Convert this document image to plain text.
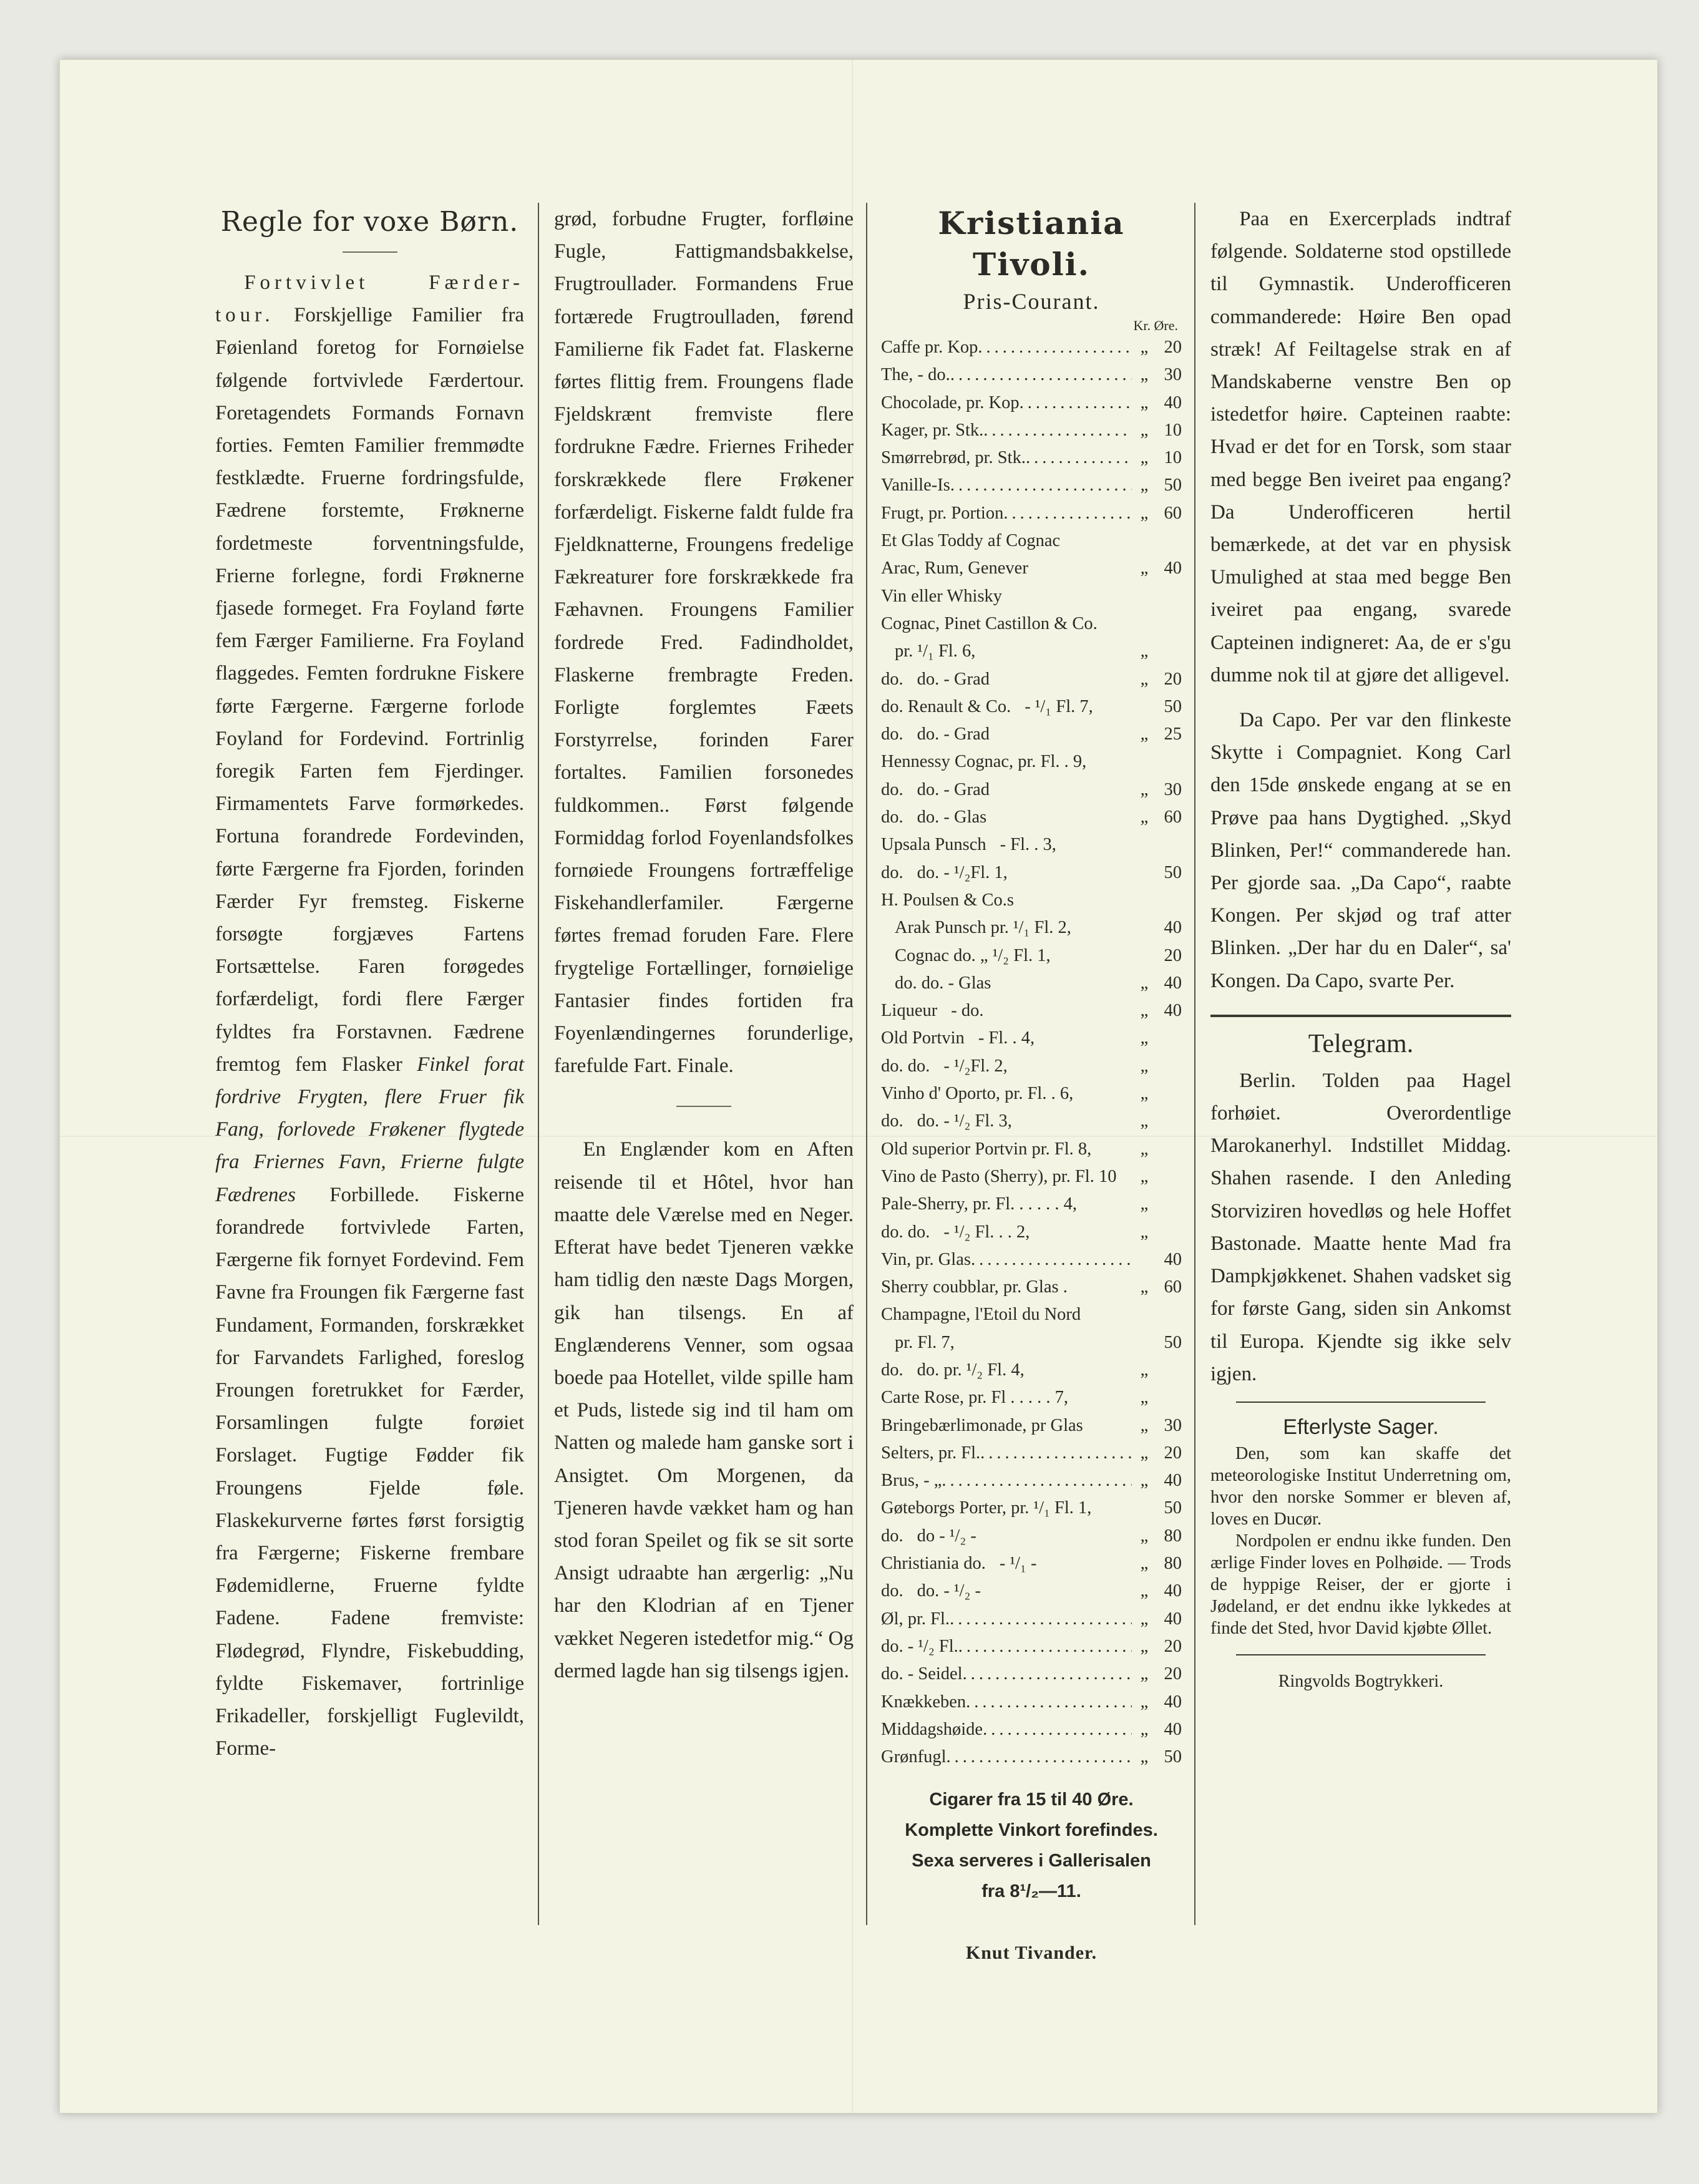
Regle for voxe Børn.

Fortvivlet Færder-tour. Forskjellige Familier fra Føienland foretog for Fornøielse følgende fortvivlede Færdertour. Foretagendets Formands Fornavn forties. Femten Familier fremmødte festklædte. Fruerne fordringsfulde, Fædrene forstemte, Frøknerne fordetmeste forventningsfulde, Frierne forlegne, fordi Frøknerne fjasede formeget. Fra Foyland førte fem Færger Familierne. Fra Foyland flaggedes. Femten fordrukne Fiskere førte Færgerne. Færgerne forlode Foyland for Fordevind. Fortrinlig foregik Farten fem Fjerdinger. Firmamentets Farve formørkedes. Fortuna forandrede Fordevinden, førte Færgerne fra Fjorden, forinden Færder Fyr fremsteg. Fiskerne forsøgte forgjæves Fartens Fortsættelse. Faren forøgedes forfærdeligt, fordi flere Færger fyldtes fra Forstavnen. Fædrene fremtog fem Flasker Finkel forat fordrive Frygten, flere Fruer fik Fang, forlovede Frøkener flygtede fra Friernes Favn, Frierne fulgte Fædrenes Forbillede. Fiskerne forandrede fortvivlede Farten, Færgerne fik fornyet Fordevind. Fem Favne fra Froungen fik Færgerne fast Fundament, Formanden, forskrækket for Farvandets Farlighed, foreslog Froungen foretrukket for Færder, Forsamlingen fulgte forøiet Forslaget. Fugtige Fødder fik Froungens Fjelde føle. Flaskekurverne førtes først forsigtig fra Færgerne; Fiskerne frembare Fødemidlerne, Fruerne fyldte Fadene. Fadene fremviste: Flødegrød, Flyndre, Fiskebudding, fyldte Fiskemaver, fortrinlige Frikadeller, forskjelligt Fuglevildt, Forme-

grød, forbudne Frugter, forfløine Fugle, Fattigmandsbakkelse, Frugtroullader. Formandens Frue fortærede Frugtroulladen, førend Familierne fik Fadet fat. Flaskerne førtes flittig frem. Froungens flade Fjeldskrænt fremviste flere fordrukne Fædre. Friernes Friheder forskrækkede flere Frøkener forfærdeligt. Fiskerne faldt fulde fra Fjeldknatterne, Froungens fredelige Fækreaturer fore forskrækkede fra Fæhavnen. Froungens Familier fordrede Fred. Fadindholdet, Flaskerne frembragte Freden. Forligte forglemtes Fæets Forstyrrelse, forinden Farer fortaltes. Familien forsonedes fuldkommen.. Først følgende Formiddag forlod Foyenlandsfolkes fornøiede Froungens fortræffelige Fiskehandlerfamiler. Færgerne førtes fremad foruden Fare. Flere frygtelige Fortællinger, fornøielige Fantasier findes fortiden fra Foyenlændingernes forunderlige, farefulde Fart. Finale.

En Englænder kom en Aften reisende til et Hôtel, hvor han maatte dele Værelse med en Neger. Efterat have bedet Tjeneren vække ham tidlig den næste Dags Morgen, gik han tilsengs. En af Englænderens Venner, som ogsaa boede paa Hotellet, vilde spille ham et Puds, listede sig ind til ham om Natten og malede ham ganske sort i Ansigtet. Om Morgenen, da Tjeneren havde vækket ham og han stod foran Speilet og fik se sit sorte Ansigt udraabte han ærgerlig: „Nu har den Klodrian af en Tjener vækket Negeren istedetfor mig.“ Og dermed lagde han sig tilsengs igjen.

Kristiania Tivoli.
Pris-Courant.
Kr. Øre.
Caffe pr. Kop .....	„ 20
The, - do. .....	„ 30
Chocolade, pr. Kop .....	„ 40
Kager, pr. Stk. .....	„ 10
Smørrebrød, pr. Stk. .....	„ 10
Vanille-Is .....	„ 50
Frugt, pr. Portion .....	„ 60
Et Glas Toddy af Cognac
Arac, Rum, Genever	„ 40
Vin eller Whisky
Cognac, Pinet Castillon & Co.
pr. ¹/₁ Fl. 6,	„
do. do. - Grad	„ 20
do. Renault & Co. - ¹/₁ Fl. 7,	50
do. do. - Grad	„ 25
Hennessy Cognac, pr. Fl. . 9,
do. do. - Grad	„ 30
do. do. - Glas	„ 60
Upsala Punsch - Fl. . 3,
do. do. - ¹/₂Fl. 1,	50
H. Poulsen & Co.s
Arak Punsch pr. ¹/₁ Fl. 2,	40
Cognac do. „ ¹/₂ Fl. 1,	20
do. do. - Glas	„ 40
Liqueur - do.	„ 40
Old Portvin - Fl. . 4,	„
do. do. - ¹/₂Fl. 2,	„
Vinho d' Oporto, pr. Fl. . 6,	„
do. do. - ¹/₂ Fl. 3,	„
Old superior Portvin pr. Fl. 8,	„
Vino de Pasto (Sherry), pr. Fl. 10	„
Pale-Sherry, pr. Fl. . . . . . 4,	„
do. do. - ¹/₂ Fl. . . 2,	„
Vin, pr. Glas .....	40
Sherry coubblar, pr. Glas .	„ 60
Champagne, l'Etoil du Nord
pr. Fl. 7,	50
do. do. pr. ¹/₂ Fl. 4,	„
Carte Rose, pr. Fl . . . . . 7,	„
Bringebærlimonade, pr Glas	„ 30
Selters, pr. Fl. .....	„ 20
Brus, - „ .....	„ 40
Gøteborgs Porter, pr. ¹/₁ Fl. 1,	50
do. do - ¹/₂ -	„ 80
Christiania do. - ¹/₁ -	„ 80
do. do. - ¹/₂ -	„ 40
Øl, pr. Fl. .....	„ 40
do. - ¹/₂ Fl. .....	„ 20
do. - Seidel .....	„ 20
Knækkeben .....	„ 40
Middagshøide .....	„ 40
Grønfugl .....	„ 50
Cigarer fra 15 til 40 Øre.
Komplette Vinkort forefindes.
Sexa serveres i Gallerisalen
fra 8¹/₂—11.
Knut Tivander.

Paa en Exercerplads indtraf følgende. Soldaterne stod opstillede til Gymnastik. Underofficeren commanderede: Høire Ben opad stræk! Af Feiltagelse strak en af Mandskaberne venstre Ben op istedetfor høire. Capteinen raabte: Hvad er det for en Torsk, som staar med begge Ben iveiret paa engang? Da Underofficeren hertil bemærkede, at det var en physisk Umulighed at staa med begge Ben iveiret paa engang, svarede Capteinen indigneret: Aa, de er s'gu dumme nok til at gjøre det alligevel.

Da Capo. Per var den flinkeste Skytte i Compagniet. Kong Carl den 15de ønskede engang at se en Prøve paa hans Dygtighed. „Skyd Blinken, Per!“ commanderede han. Per gjorde saa. „Da Capo“, raabte Kongen. Per skjød og traf atter Blinken. „Der har du en Daler“, sa' Kongen. Da Capo, svarte Per.

Telegram.

Berlin. Tolden paa Hagel forhøiet. Overordentlige Marokanerhyl. Indstillet Middag. Shahen rasende. I den Anleding Storviziren hovedløs og hele Hoffet Bastonade. Maatte hente Mad fra Dampkjøkkenet. Shahen vadsket sig for første Gang, siden sin Ankomst til Europa. Kjendte sig ikke selv igjen.

Efterlyste Sager.

Den, som kan skaffe det meteorologiske Institut Underretning om, hvor den norske Sommer er bleven af, loves en Ducør.

Nordpolen er endnu ikke funden. Den ærlige Finder loves en Polhøide. — Trods de hyppige Reiser, der er gjorte i Jødeland, er det endnu ikke lykkedes at finde det Sted, hvor David kjøbte Øllet.

Ringvolds Bogtrykkeri.
